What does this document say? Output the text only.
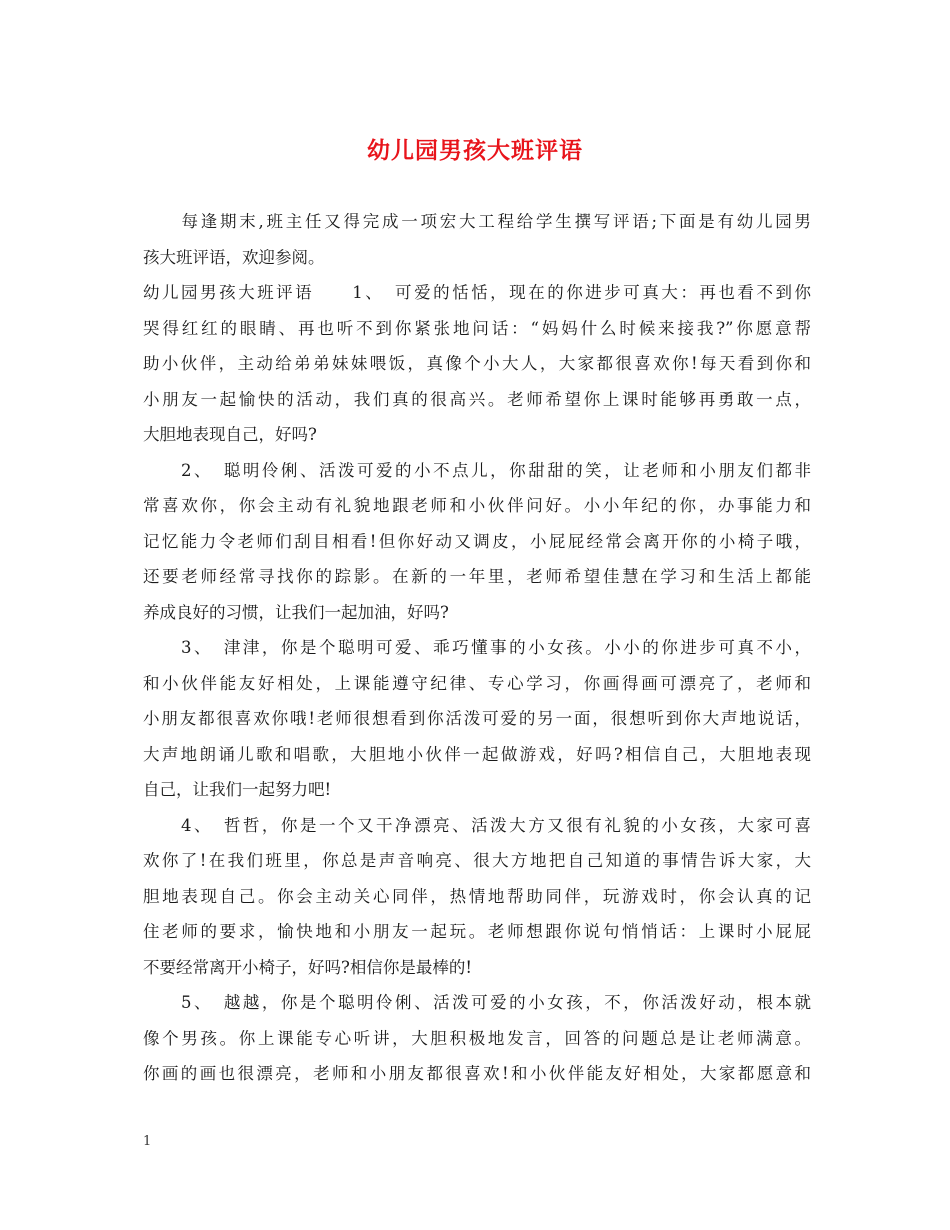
幼儿园男孩大班评语
　　每逢期末,班主任又得完成一项宏大工程给学生撰写评语;下面是有幼儿园男
孩大班评语，欢迎参阅。
幼儿园男孩大班评语　　1、　可爱的恬恬，现在的你进步可真大：再也看不到你
哭得红红的眼睛、再也听不到你紧张地问话：“妈妈什么时候来接我?”你愿意帮
助小伙伴，主动给弟弟妹妹喂饭，真像个小大人，大家都很喜欢你!每天看到你和
小朋友一起愉快的活动，我们真的很高兴。老师希望你上课时能够再勇敢一点，
大胆地表现自己，好吗?
　　2、　聪明伶俐、活泼可爱的小不点儿，你甜甜的笑，让老师和小朋友们都非
常喜欢你，你会主动有礼貌地跟老师和小伙伴问好。小小年纪的你，办事能力和
记忆能力令老师们刮目相看!但你好动又调皮，小屁屁经常会离开你的小椅子哦，
还要老师经常寻找你的踪影。在新的一年里，老师希望佳慧在学习和生活上都能
养成良好的习惯，让我们一起加油，好吗?
　　3、　津津，你是个聪明可爱、乖巧懂事的小女孩。小小的你进步可真不小，
和小伙伴能友好相处，上课能遵守纪律、专心学习，你画得画可漂亮了，老师和
小朋友都很喜欢你哦!老师很想看到你活泼可爱的另一面，很想听到你大声地说话，
大声地朗诵儿歌和唱歌，大胆地小伙伴一起做游戏，好吗?相信自己，大胆地表现
自己，让我们一起努力吧!
　　4、　哲哲，你是一个又干净漂亮、活泼大方又很有礼貌的小女孩，大家可喜
欢你了!在我们班里，你总是声音响亮、很大方地把自己知道的事情告诉大家，大
胆地表现自己。你会主动关心同伴，热情地帮助同伴，玩游戏时，你会认真的记
住老师的要求，愉快地和小朋友一起玩。老师想跟你说句悄悄话：上课时小屁屁
不要经常离开小椅子，好吗?相信你是最棒的!
　　5、　越越，你是个聪明伶俐、活泼可爱的小女孩，不，你活泼好动，根本就
像个男孩。你上课能专心听讲，大胆积极地发言，回答的问题总是让老师满意。
你画的画也很漂亮，老师和小朋友都很喜欢!和小伙伴能友好相处，大家都愿意和
1
